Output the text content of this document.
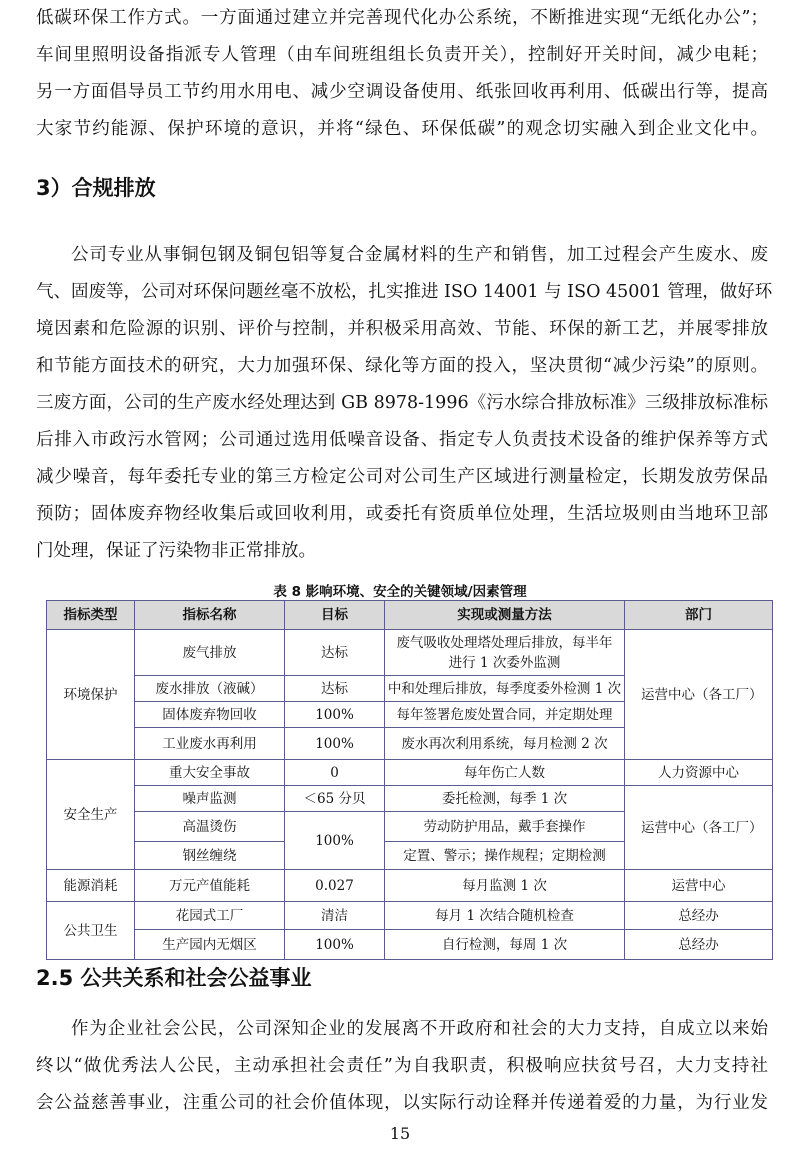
低碳环保工作方式。一方面通过建立并完善现代化办公系统，不断推进实现“无纸化办公”；
车间里照明设备指派专人管理（由车间班组组长负责开关），控制好开关时间，减少电耗；
另一方面倡导员工节约用水用电、减少空调设备使用、纸张回收再利用、低碳出行等，提高
大家节约能源、保护环境的意识，并将“绿色、环保低碳”的观念切实融入到企业文化中。
3）合规排放
公司专业从事铜包钢及铜包铝等复合金属材料的生产和销售，加工过程会产生废水、废
气、固废等，公司对环保问题丝毫不放松，扎实推进 ISO 14001 与 ISO 45001 管理，做好环
境因素和危险源的识别、评价与控制，并积极采用高效、节能、环保的新工艺，并展零排放
和节能方面技术的研究，大力加强环保、绿化等方面的投入，坚决贯彻“减少污染”的原则。
三废方面，公司的生产废水经处理达到 GB 8978-1996《污水综合排放标准》三级排放标准标
后排入市政污水管网；公司通过选用低噪音设备、指定专人负责技术设备的维护保养等方式
减少噪音，每年委托专业的第三方检定公司对公司生产区域进行测量检定，长期发放劳保品
预防；固体废弃物经收集后或回收利用，或委托有资质单位处理，生活垃圾则由当地环卫部
门处理，保证了污染物非正常排放。
表 8 影响环境、安全的关键领域/因素管理
指标类型	指标名称	目标	实现或测量方法	部门
环境保护	废气排放	达标	废气吸收处理塔处理后排放，每半年进行 1 次委外监测	运营中心（各工厂）
	废水排放（液碱）	达标	中和处理后排放，每季度委外检测 1 次	
	固体废弃物回收	100%	每年签署危废处置合同，并定期处理	
	工业废水再利用	100%	废水再次利用系统，每月检测 2 次	
安全生产	重大安全事故	0	每年伤亡人数	人力资源中心
	噪声监测	＜65 分贝	委托检测，每季 1 次	运营中心（各工厂）
	高温烫伤	100%	劳动防护用品，戴手套操作	
	钢丝缠绕		定置、警示；操作规程；定期检测	
能源消耗	万元产值能耗	0.027	每月监测 1 次	运营中心
公共卫生	花园式工厂	清洁	每月 1 次结合随机检查	总经办
	生产园内无烟区	100%	自行检测，每周 1 次	总经办
2.5 公共关系和社会公益事业
作为企业社会公民，公司深知企业的发展离不开政府和社会的大力支持，自成立以来始
终以“做优秀法人公民，主动承担社会责任”为自我职责，积极响应扶贫号召，大力支持社
会公益慈善事业，注重公司的社会价值体现，以实际行动诠释并传递着爱的力量，为行业发
15
